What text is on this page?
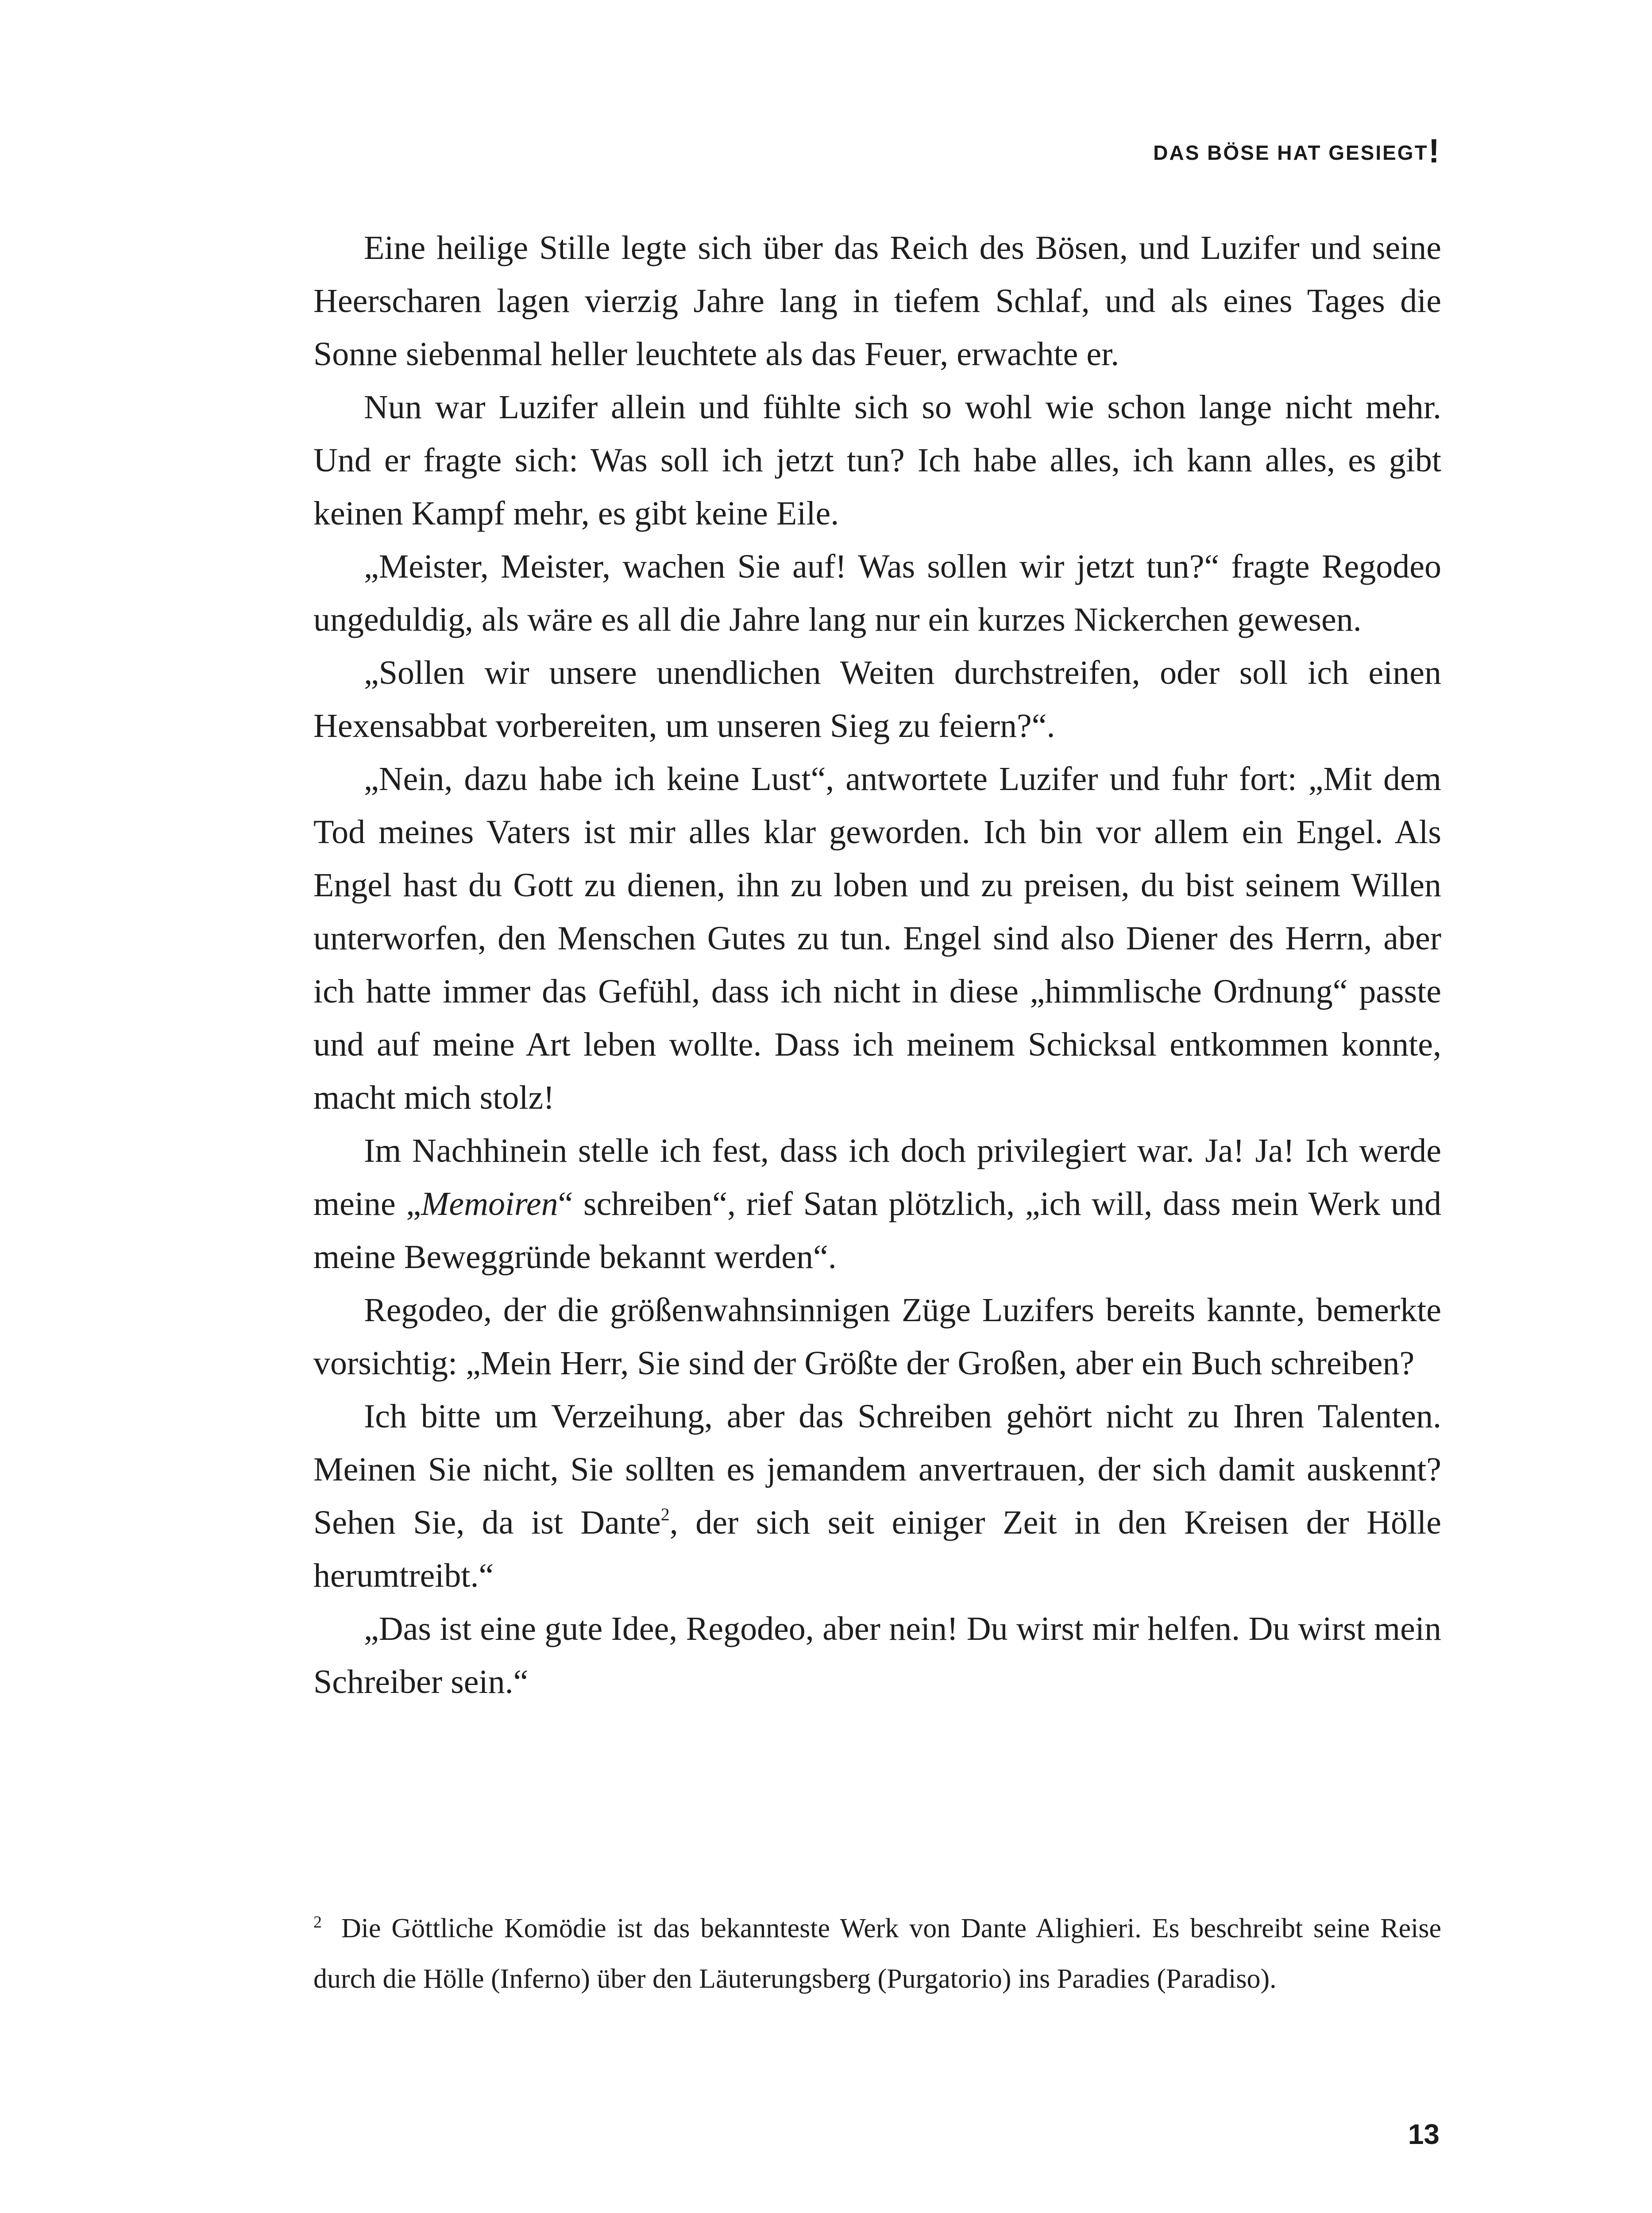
DAS BÖSE HAT GESIEGT!

Eine heilige Stille legte sich über das Reich des Bösen, und Luzifer und seine Heerscharen lagen vierzig Jahre lang in tiefem Schlaf, und als eines Tages die Sonne siebenmal heller leuchtete als das Feuer, erwachte er.

Nun war Luzifer allein und fühlte sich so wohl wie schon lange nicht mehr. Und er fragte sich: Was soll ich jetzt tun? Ich habe alles, ich kann alles, es gibt keinen Kampf mehr, es gibt keine Eile.

„Meister, Meister, wachen Sie auf! Was sollen wir jetzt tun?“ fragte Regodeo ungeduldig, als wäre es all die Jahre lang nur ein kurzes Nickerchen gewesen.

„Sollen wir unsere unendlichen Weiten durchstreifen, oder soll ich einen Hexensabbat vorbereiten, um unseren Sieg zu feiern?“.

„Nein, dazu habe ich keine Lust“, antwortete Luzifer und fuhr fort: „Mit dem Tod meines Vaters ist mir alles klar geworden. Ich bin vor allem ein Engel. Als Engel hast du Gott zu dienen, ihn zu loben und zu preisen, du bist seinem Willen unterworfen, den Menschen Gutes zu tun. Engel sind also Diener des Herrn, aber ich hatte immer das Gefühl, dass ich nicht in diese „himmlische Ordnung“ passte und auf meine Art leben wollte. Dass ich meinem Schicksal entkommen konnte, macht mich stolz!

Im Nachhinein stelle ich fest, dass ich doch privilegiert war. Ja! Ja! Ich werde meine „Memoiren“ schreiben“, rief Satan plötzlich, „ich will, dass mein Werk und meine Beweggründe bekannt werden“.

Regodeo, der die größenwahnsinnigen Züge Luzifers bereits kannte, bemerkte vorsichtig: „Mein Herr, Sie sind der Größte der Großen, aber ein Buch schreiben?

Ich bitte um Verzeihung, aber das Schreiben gehört nicht zu Ihren Talenten. Meinen Sie nicht, Sie sollten es jemandem anvertrauen, der sich damit auskennt? Sehen Sie, da ist Dante$^2$, der sich seit einiger Zeit in den Kreisen der Hölle herumtreibt.“

„Das ist eine gute Idee, Regodeo, aber nein! Du wirst mir helfen. Du wirst mein Schreiber sein.“

$^2$ Die Göttliche Komödie ist das bekannteste Werk von Dante Alighieri. Es beschreibt seine Reise durch die Hölle (Inferno) über den Läuterungsberg (Purgatorio) ins Paradies (Paradiso).

13
